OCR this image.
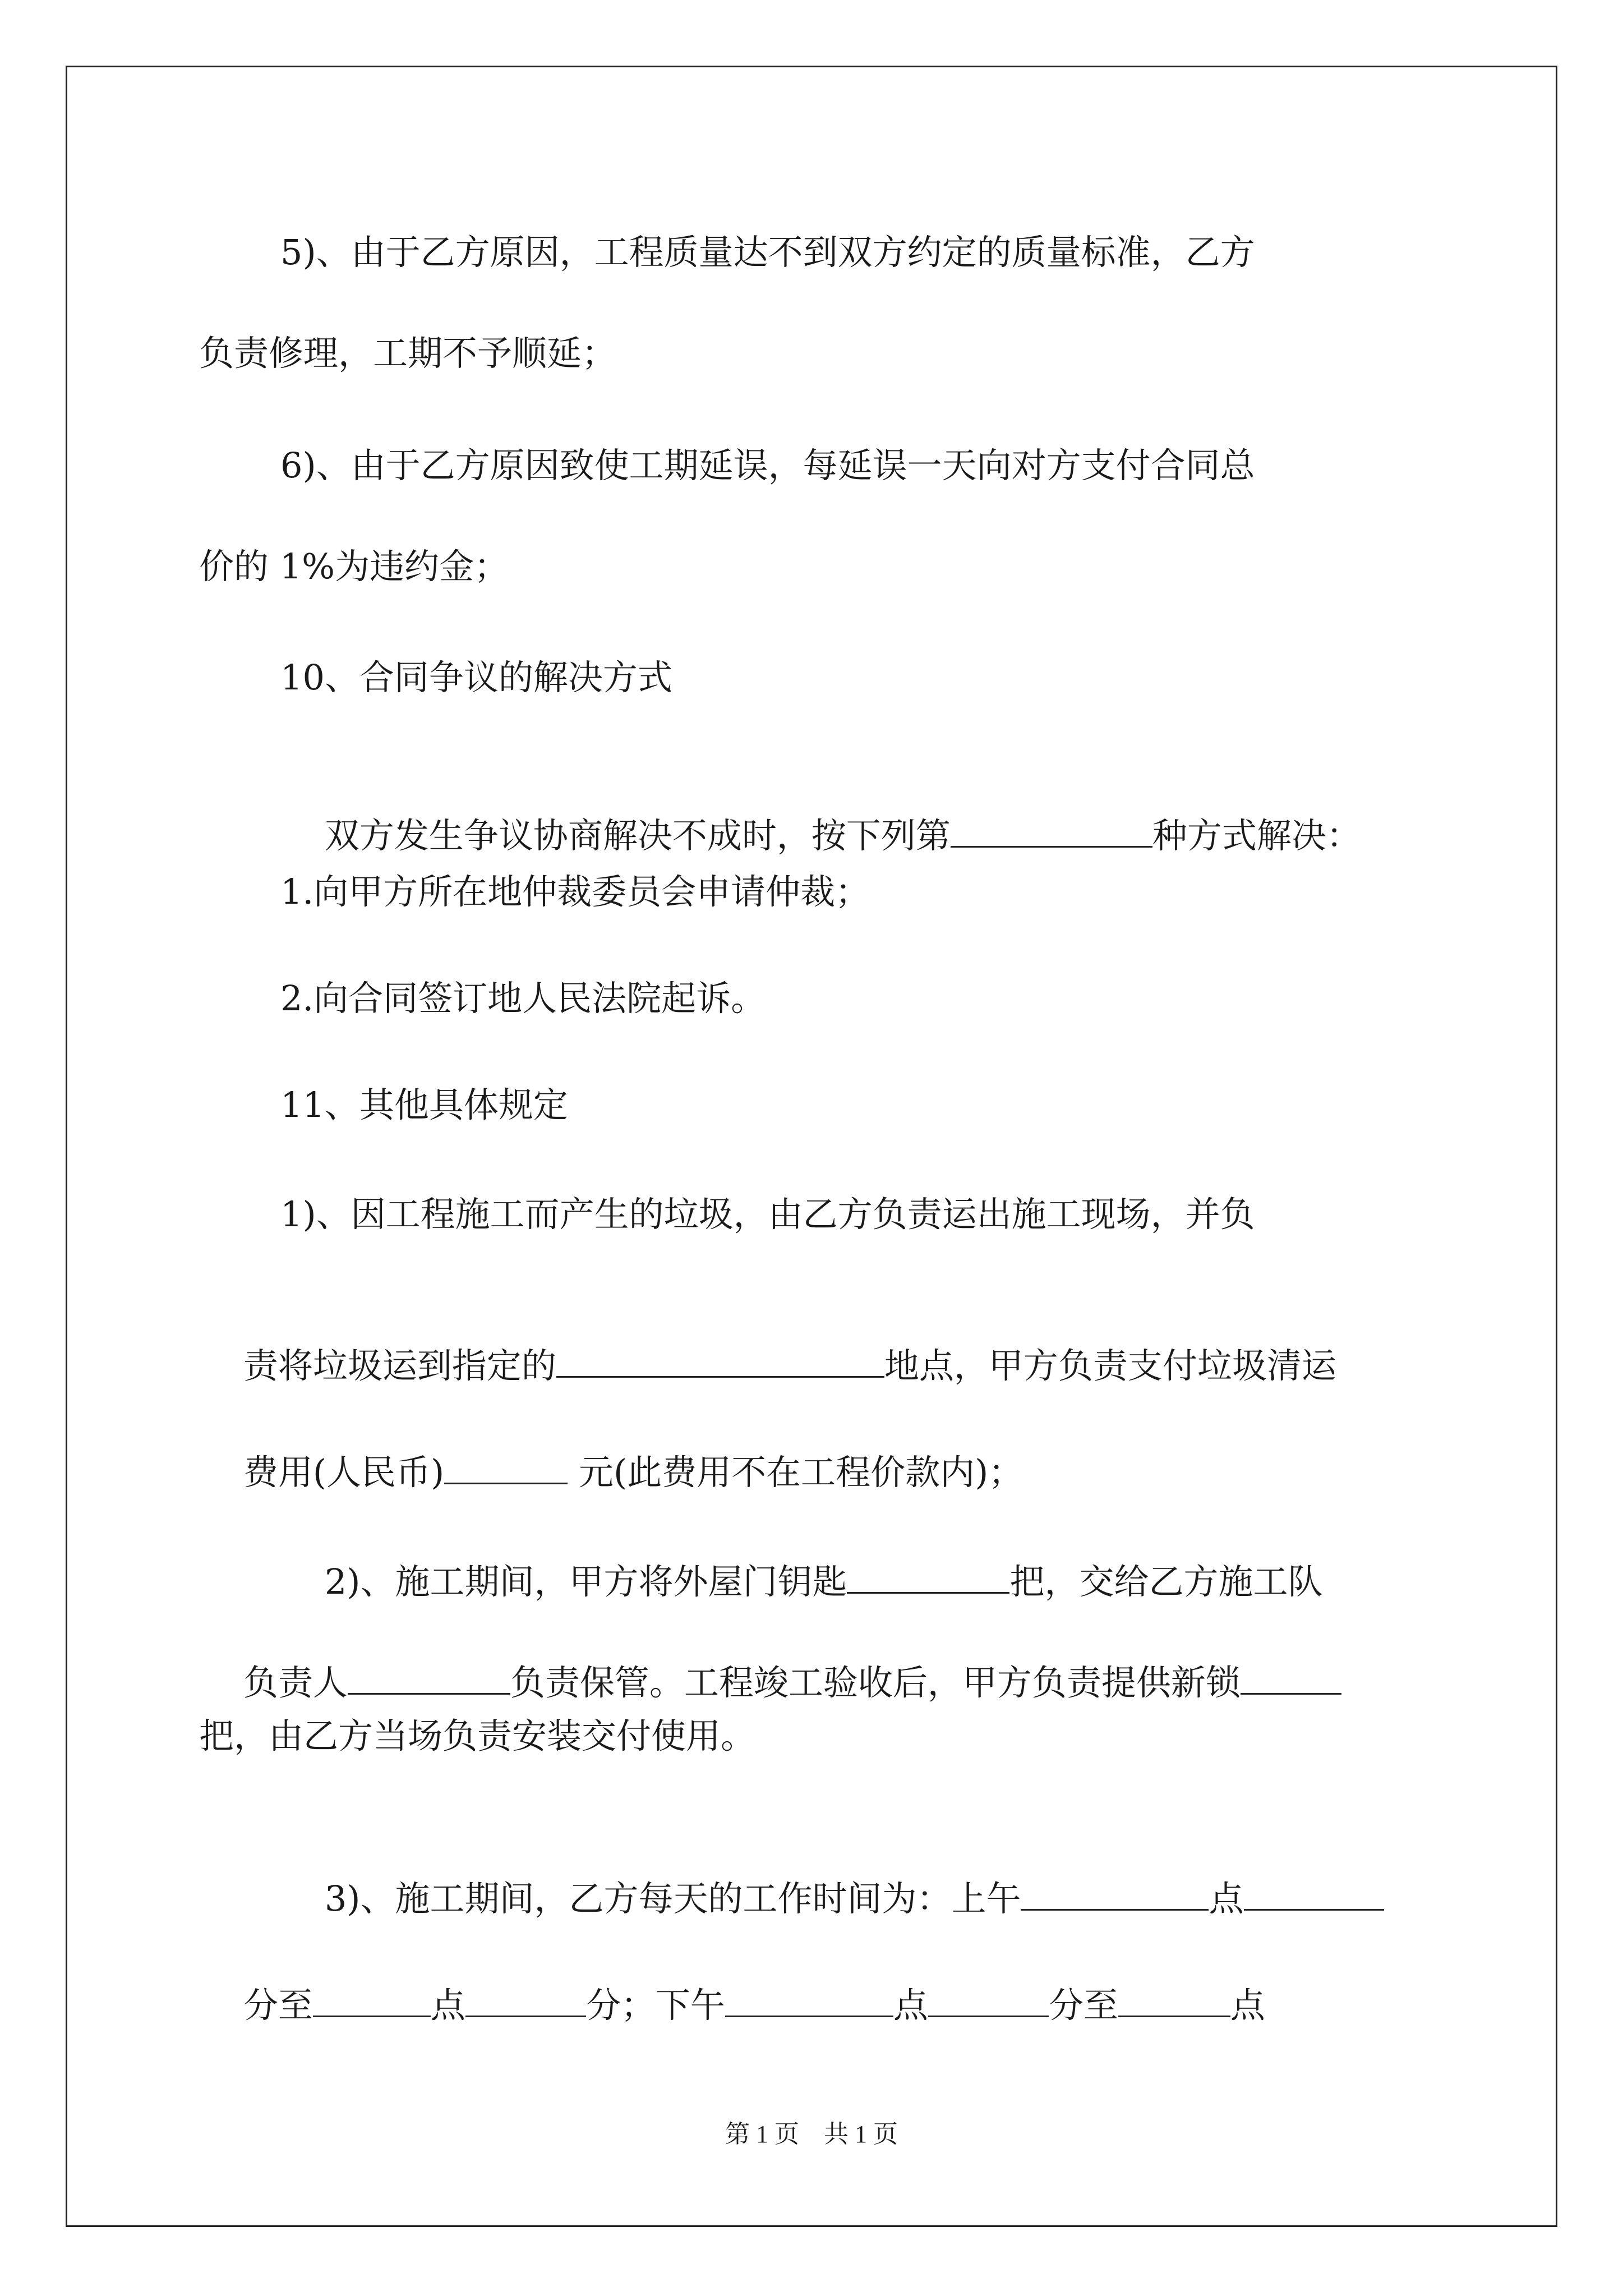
5)、由于乙方原因，工程质量达不到双方约定的质量标准，乙方
负责修理，工期不予顺延；
6)、由于乙方原因致使工期延误，每延误一天向对方支付合同总
价的 1%为违约金；
10、合同争议的解决方式

双方发生争议协商解决不成时，按下列第	种方式解决：

1.向甲方所在地仲裁委员会申请仲裁；
2.向合同签订地人民法院起诉。
11、其他具体规定
1)、因工程施工而产生的垃圾，由乙方负责运出施工现场，并负

责将垃圾运到指定的	地点，甲方负责支付垃圾清运

费用(人民币)	元(此费用不在工程价款内)；

2)、施工期间，甲方将外屋门钥匙	把，交给乙方施工队

负责人	负责保管。工程竣工验收后，甲方负责提供新锁

把，由乙方当场负责安装交付使用。

3)、施工期间，乙方每天的工作时间为：上午	点

分至	点	分；下午	点	分至	点

第 1 页　共 1 页
